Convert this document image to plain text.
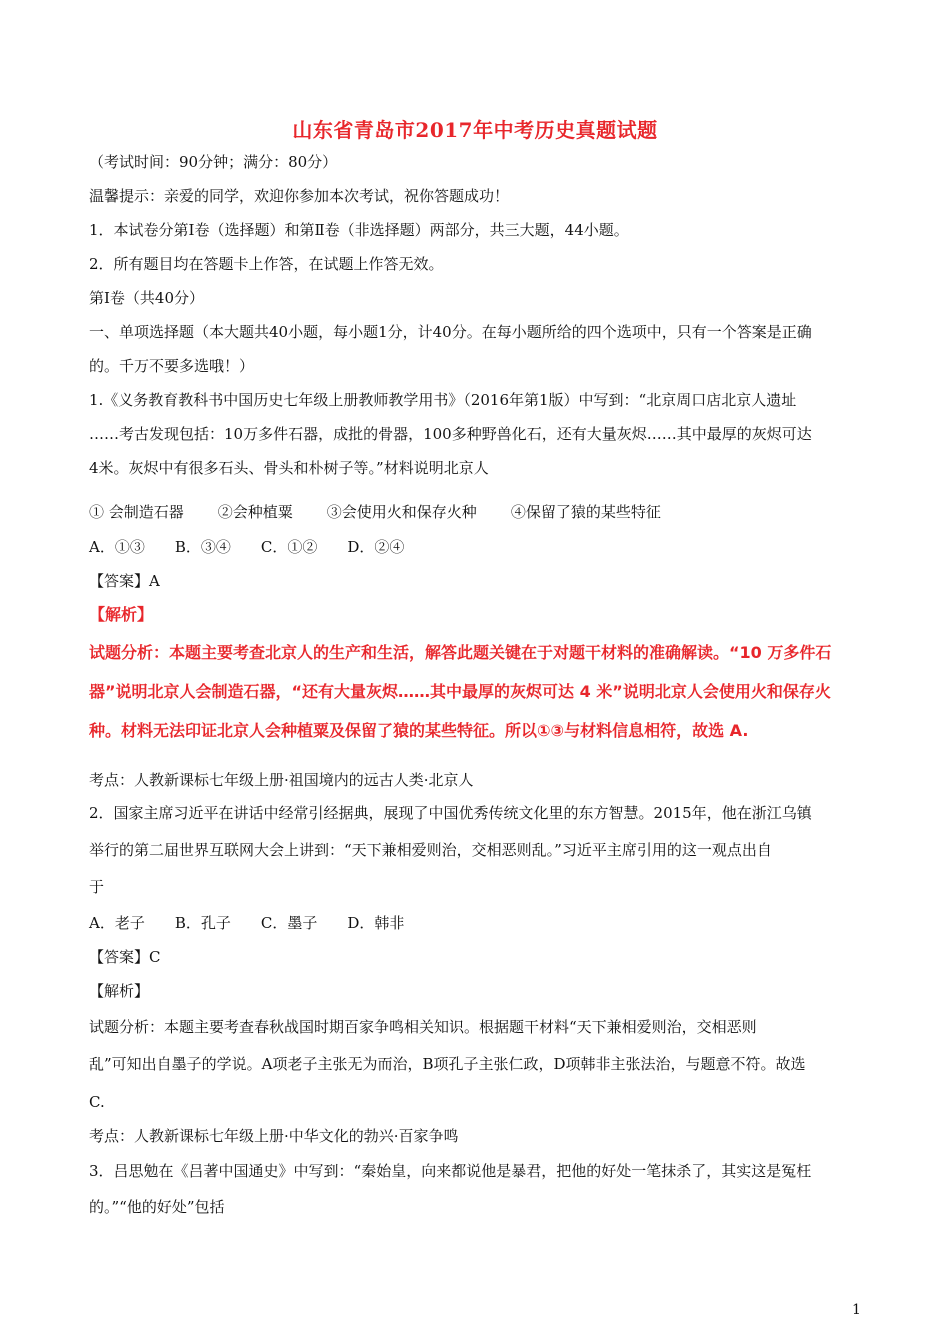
山东省青岛市2017年中考历史真题试题
（考试时间：90分钟；满分：80分）
温馨提示：亲爱的同学，欢迎你参加本次考试，祝你答题成功！
1．本试卷分第Ⅰ卷（选择题）和第Ⅱ卷（非选择题）两部分，共三大题，44小题。
2．所有题目均在答题卡上作答，在试题上作答无效。
第Ⅰ卷（共40分）
一、单项选择题（本大题共40小题，每小题1分，计40分。在每小题所给的四个选项中，只有一个答案是正确
的。千万不要多选哦！）
1.《义务教育教科书中国历史七年级上册教师教学用书》（2016年第1版）中写到：“北京周口店北京人遗址
……考古发现包括：10万多件石器，成批的骨器，100多种野兽化石，还有大量灰烬……其中最厚的灰烬可达
4米。灰烬中有很多石头、骨头和朴树子等。”材料说明北京人
① 会制造石器 ②会种植粟 ③会使用火和保存火种 ④保留了猿的某些特征
A．①③ B．③④ C．①② D．②④
【答案】A
【解析】
试题分析：本题主要考查北京人的生产和生活，解答此题关键在于对题干材料的准确解读。“10 万多件石
器”说明北京人会制造石器，“还有大量灰烬……其中最厚的灰烬可达 4 米”说明北京人会使用火和保存火
种。材料无法印证北京人会种植粟及保留了猿的某些特征。所以①③与材料信息相符，故选 A.
考点：人教新课标七年级上册·祖国境内的远古人类·北京人
2．国家主席习近平在讲话中经常引经据典，展现了中国优秀传统文化里的东方智慧。2015年，他在浙江乌镇
举行的第二届世界互联网大会上讲到：“天下兼相爱则治，交相恶则乱。”习近平主席引用的这一观点出自
于
A．老子 B．孔子 C．墨子 D．韩非
【答案】C
【解析】
试题分析：本题主要考查春秋战国时期百家争鸣相关知识。根据题干材料“天下兼相爱则治，交相恶则
乱”可知出自墨子的学说。A项老子主张无为而治，B项孔子主张仁政，D项韩非主张法治，与题意不符。故选
C.
考点：人教新课标七年级上册·中华文化的勃兴·百家争鸣
3．吕思勉在《吕著中国通史》中写到：“秦始皇，向来都说他是暴君，把他的好处一笔抹杀了，其实这是冤枉
的。”“他的好处”包括
1
